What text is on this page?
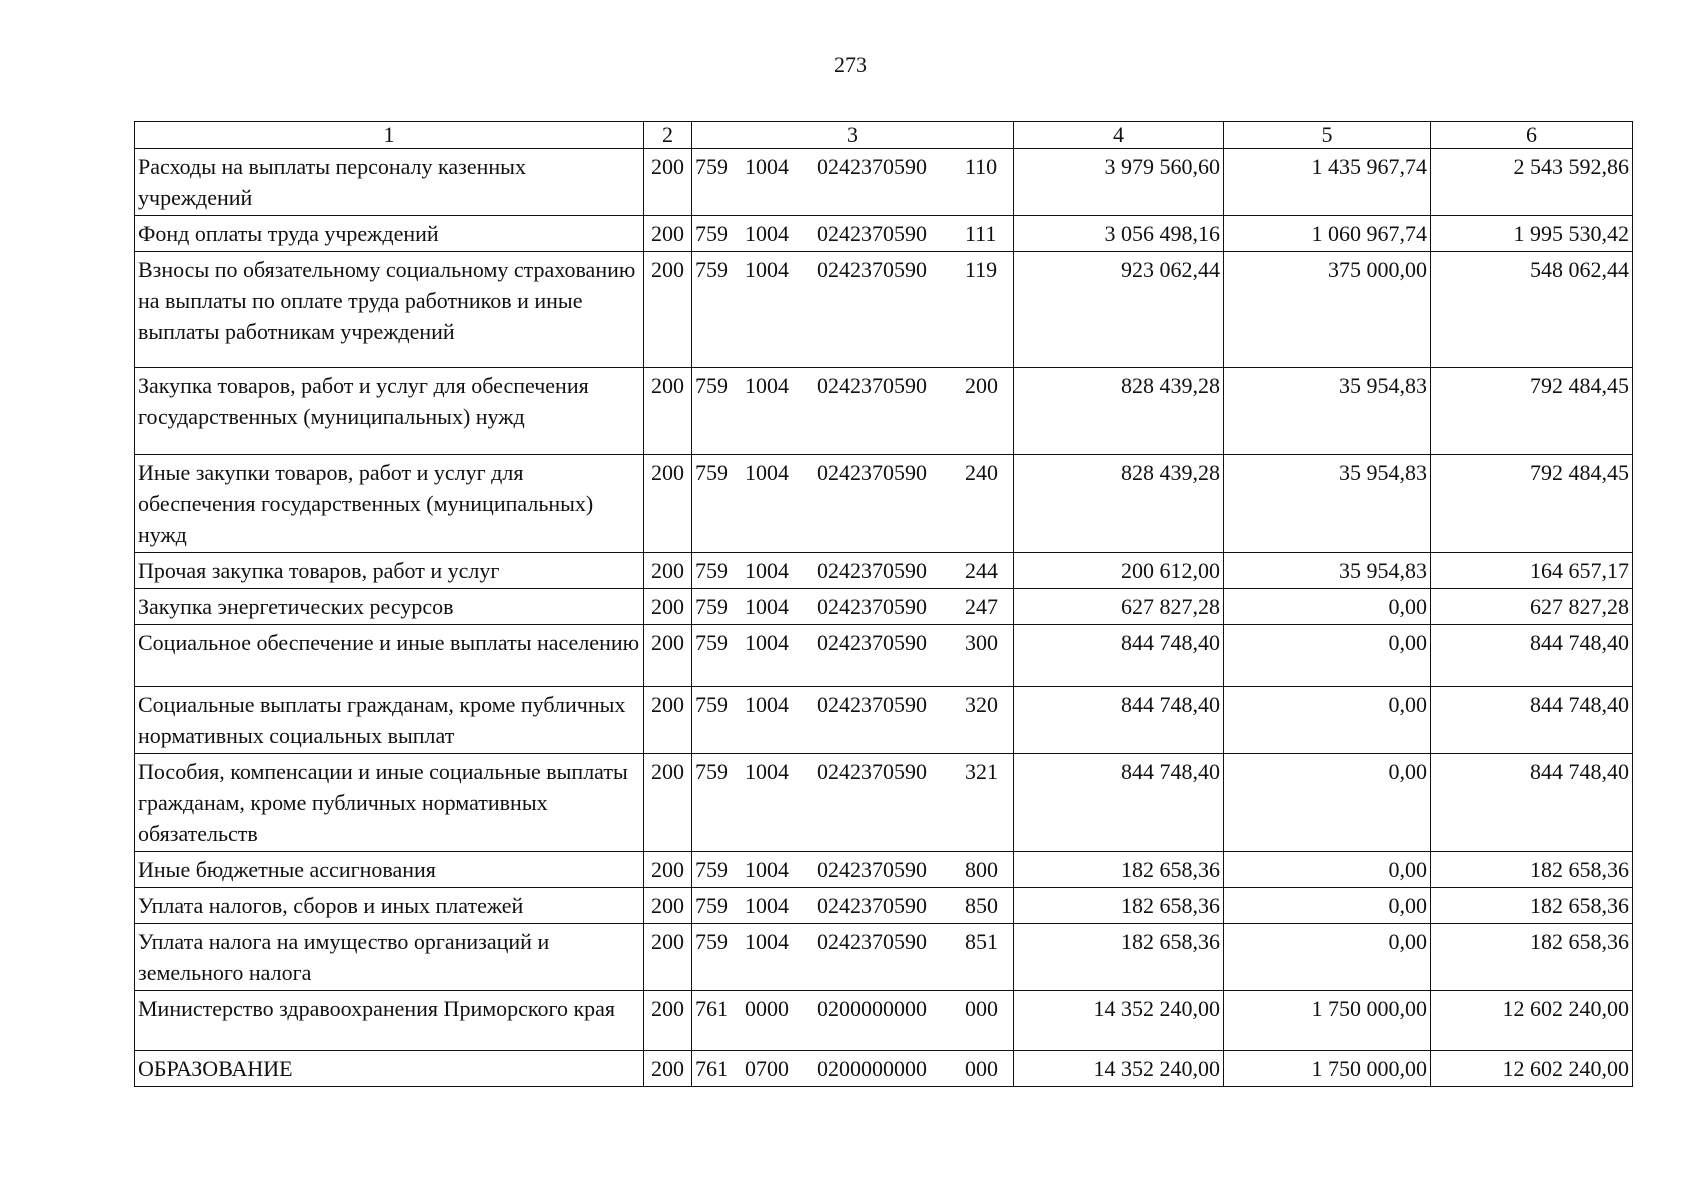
273
1	2	3	4	5	6
Расходы на выплаты персоналу казенных учреждений	200	759 1004 0242370590 110	3 979 560,60	1 435 967,74	2 543 592,86
Фонд оплаты труда учреждений	200	759 1004 0242370590 111	3 056 498,16	1 060 967,74	1 995 530,42
Взносы по обязательному социальному страхованию на выплаты по оплате труда работников и иные выплаты работникам учреждений	200	759 1004 0242370590 119	923 062,44	375 000,00	548 062,44
Закупка товаров, работ и услуг для обеспечения государственных (муниципальных) нужд	200	759 1004 0242370590 200	828 439,28	35 954,83	792 484,45
Иные закупки товаров, работ и услуг для обеспечения государственных (муниципальных) нужд	200	759 1004 0242370590 240	828 439,28	35 954,83	792 484,45
Прочая закупка товаров, работ и услуг	200	759 1004 0242370590 244	200 612,00	35 954,83	164 657,17
Закупка энергетических ресурсов	200	759 1004 0242370590 247	627 827,28	0,00	627 827,28
Социальное обеспечение и иные выплаты населению	200	759 1004 0242370590 300	844 748,40	0,00	844 748,40
Социальные выплаты гражданам, кроме публичных нормативных социальных выплат	200	759 1004 0242370590 320	844 748,40	0,00	844 748,40
Пособия, компенсации и иные социальные выплаты гражданам, кроме публичных нормативных обязательств	200	759 1004 0242370590 321	844 748,40	0,00	844 748,40
Иные бюджетные ассигнования	200	759 1004 0242370590 800	182 658,36	0,00	182 658,36
Уплата налогов, сборов и иных платежей	200	759 1004 0242370590 850	182 658,36	0,00	182 658,36
Уплата налога на имущество организаций и земельного налога	200	759 1004 0242370590 851	182 658,36	0,00	182 658,36
Министерство здравоохранения Приморского края	200	761 0000 0200000000 000	14 352 240,00	1 750 000,00	12 602 240,00
ОБРАЗОВАНИЕ	200	761 0700 0200000000 000	14 352 240,00	1 750 000,00	12 602 240,00
